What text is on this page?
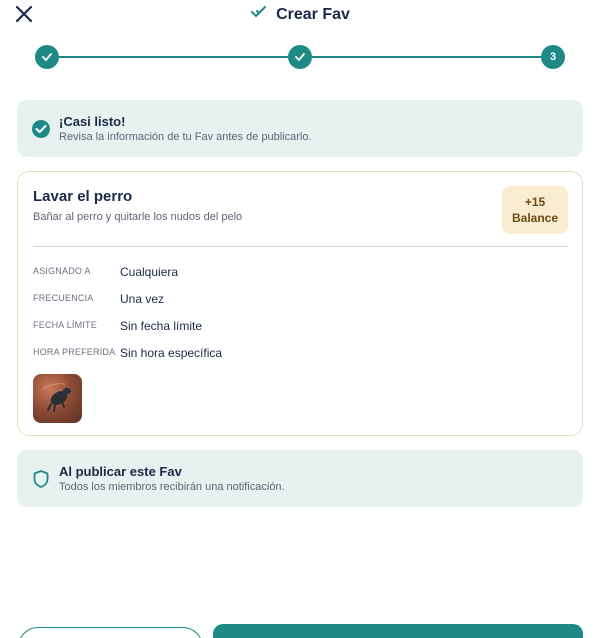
Crear Fav
3
¡Casi listo!
Revisa la información de tu Fav antes de publicarlo.
Lavar el perro
Bañar al perro y quitarle los nudos del pelo
+15
Balance
ASIGNADO A Cualquiera
FRECUENCIA Una vez
FECHA LÍMITE Sin fecha límite
HORA PREFERIDA Sin hora específica
Al publicar este Fav
Todos los miembros recibirán una notificación.
